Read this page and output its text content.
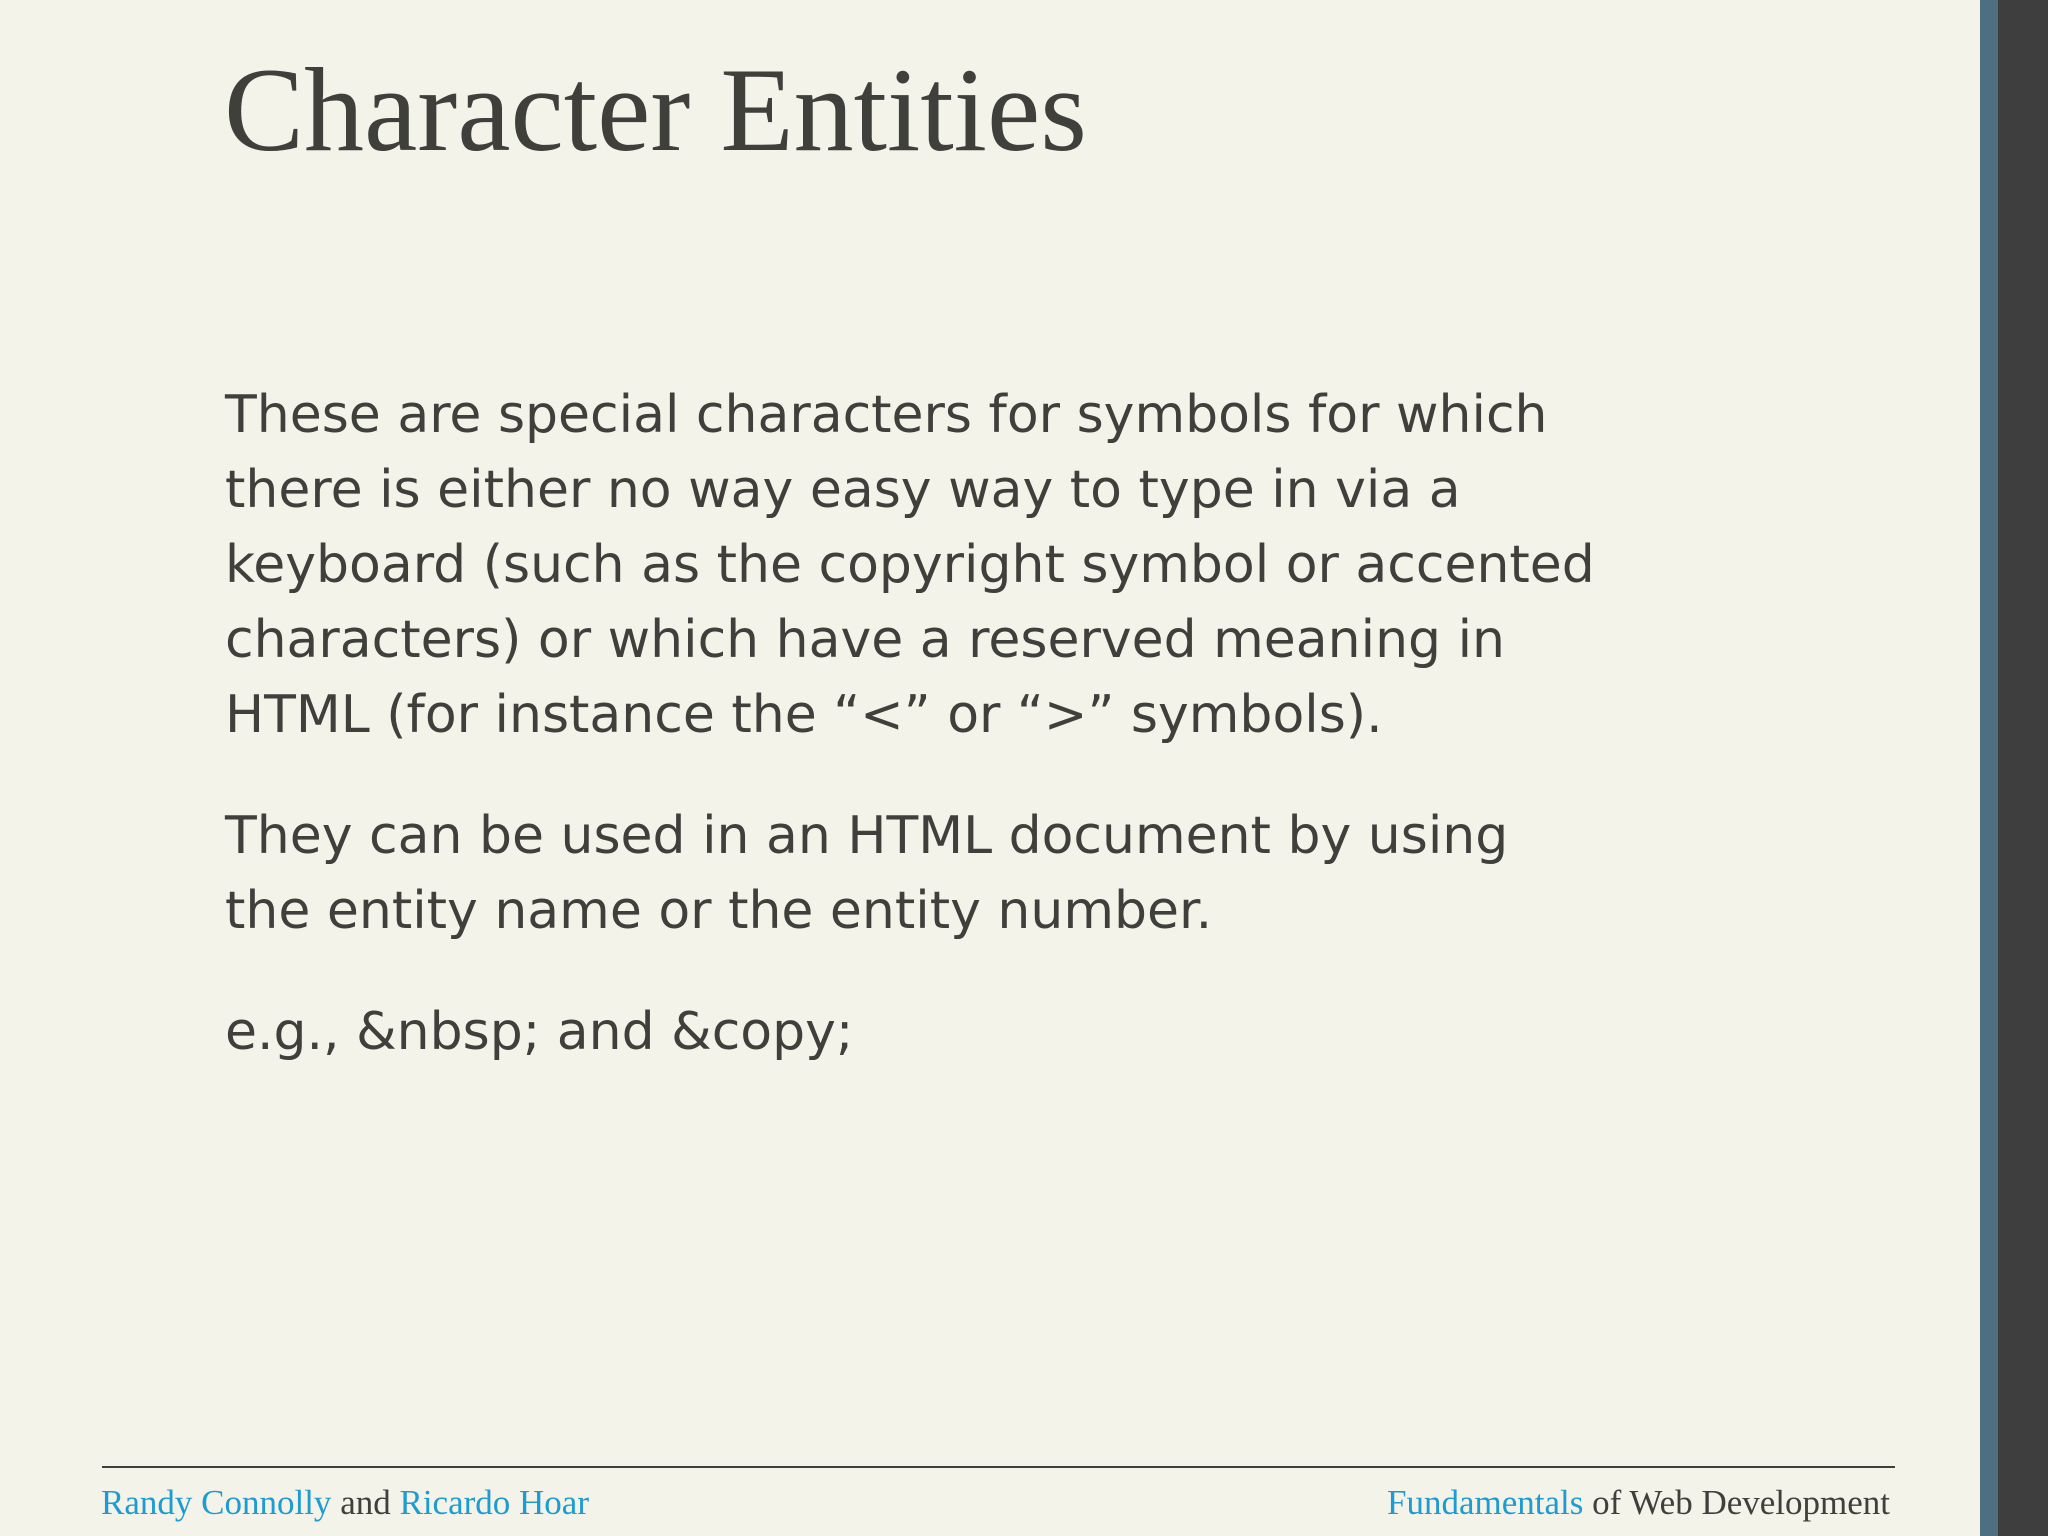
Character Entities

These are special characters for symbols for which there is either no way easy way to type in via a keyboard (such as the copyright symbol or accented characters) or which have a reserved meaning in HTML (for instance the “<” or “>” symbols).

They can be used in an HTML document by using the entity name or the entity number.

e.g., &nbsp; and &copy;

Randy Connolly and Ricardo Hoar	Fundamentals of Web Development
